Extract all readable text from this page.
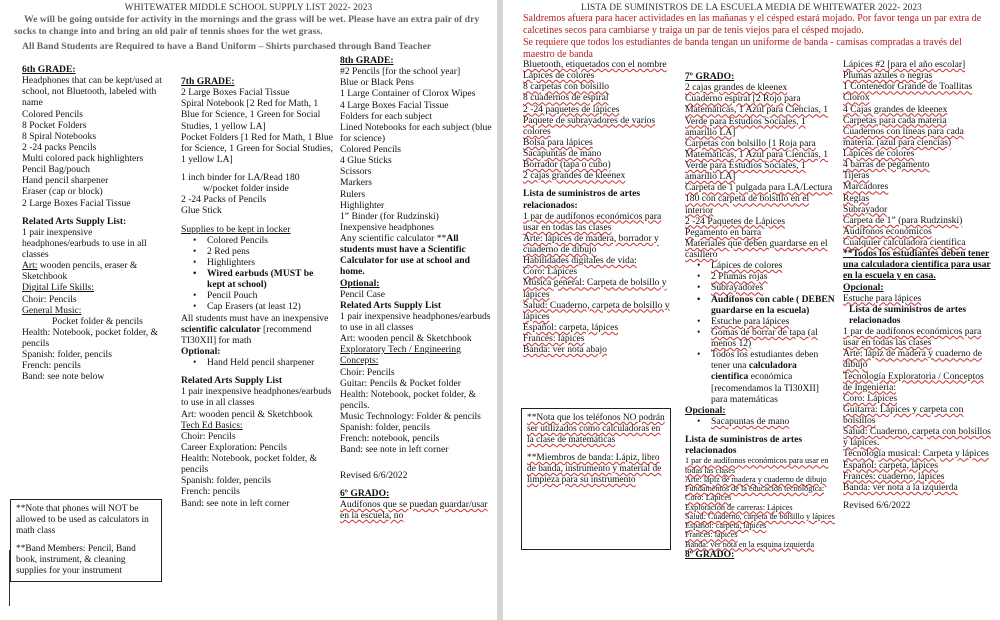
WHITEWATER MIDDLE SCHOOL SUPPLY LIST 2022- 2023
We will be going outside for activity in the mornings and the grass will be wet. Please have an extra pair of dry socks to change into and bring an old pair of tennis shoes for the wet grass.
All Band Students are Required to have a Band Uniform – Shirts purchased through Band Teacher

6th GRADE:

Headphones that can be kept/used at school, not Bluetooth, labeled with name

Colored Pencils

8 Pocket Folders

8 Spiral Notebooks

2 -24 packs Pencils

Multi colored pack highlighters

Pencil Bag/pouch

Hand pencil sharpener

Eraser (cap or block)

2 Large Boxes Facial Tissue

Related Arts Supply List:

1 pair inexpensive headphones/earbuds to use in all classes

Art: wooden pencils, eraser & Sketchbook

Digital Life Skills:

Choir: Pencils

General Music:

Pocket folder & pencils

Health: Notebook, pocket folder, & pencils

Spanish: folder, pencils

French: pencils

Band: see note below

**Note that phones will NOT be allowed to be used as calculators in math class

**Band Members: Pencil, Band book, instrument, & cleaning supplies for your instrument

7th GRADE:

2 Large Boxes Facial Tissue

Spiral Notebook [2 Red for Math, 1 Blue for Science, 1 Green for Social Studies, 1 yellow LA]

Pocket Folders [1 Red for Math, 1 Blue for Science, 1 Green for Social Studies, 1 yellow LA]

1 inch binder for LA/Read 180

w/pocket folder inside

2 -24 Packs of Pencils

Glue Stick

Supplies to be kept in locker

• Colored Pencils
• 2 Red pens
• Highlighters
• Wired earbuds (MUST be kept at school)
• Pencil Pouch
• Cap Erasers (at least 12)

All students must have an inexpensive scientific calculator [recommend TI30XII] for math

Optional:

• Hand Held pencil sharpener

Related Arts Supply List

1 pair inexpensive headphones/earbuds to use in all classes

Art: wooden pencil & Sketchbook

Tech Ed Basics:

Choir: Pencils

Career Exploration: Pencils

Health: Notebook, pocket folder, & pencils

Spanish: folder, pencils

French: pencils

Band: see note in left corner

8th GRADE:

#2 Pencils [for the school year]

Blue or Black Pens

1 Large Container of Clorox Wipes

4 Large Boxes Facial Tissue

Folders for each subject

Lined Notebooks for each subject (blue for science)

Colored Pencils

4 Glue Sticks

Scissors

Markers

Rulers

Highlighter

1” Binder (for Rudzinski)

Inexpensive headphones

Any scientific calculator **All students must have a Scientific Calculator for use at school and home.

Optional:

Pencil Case

Related Arts Supply List

1 pair inexpensive headphones/earbuds to use in all classes

Art: wooden pencil & Sketchbook

Exploratory Tech / Engineering Concepts:

Choir: Pencils

Guitar: Pencils & Pocket folder

Health: Notebook, pocket folder, & pencils.

Music Technology: Folder & pencils

Spanish: folder, pencils

French: notebook, pencils

Band: see note in left corner

Revised 6/6/2022

6º GRADO:

Audífonos que se puedan guardar/usar en la escuela, no

LISTA DE SUMINISTROS DE LA ESCUELA MEDIA DE WHITEWATER 2022- 2023
Saldremos afuera para hacer actividades en las mañanas y el césped estará mojado. Por favor tenga un par extra de calcetines secos para cambiarse y traiga un par de tenis viejos para el césped mojado.
Se requiere que todos los estudiantes de banda tengan un uniforme de banda - camisas compradas a través del maestro de banda

Bluetooth, etiquetados con el nombre

Lápices de colores

8 carpetas con bolsillo

8 cuadernos de espiral

2 -24 paquetes de lápices

Paquete de subrayadores de varios colores

Bolsa para lápices

Sacapuntas de mano

Borrador (tapa o cubo)

2 cajas grandes de kleenex

Lista de suministros de artes relacionados:

1 par de audífonos económicos para usar en todas las clases

Arte: lápices de madera, borrador y cuaderno de dibujo

Habilidades digitales de vida:

Coro: Lápices

Música general: Carpeta de bolsillo y lápices

Salud: Cuaderno, carpeta de bolsillo y lápices

Español: carpeta, lápices

Francés: lápices

Banda: ver nota abajo

**Nota que los teléfonos NO podrán ser utilizados como calculadoras en la clase de matemáticas

**Miembros de banda: Lápiz, libro de banda, instrumento y material de limpieza para su instrumento

7º GRADO:

2 cajas grandes de kleenex

Cuaderno espiral [2 Rojo para Matemáticas, 1 Azul para Ciencias, 1 Verde para Estudios Sociales, 1 amarillo LA]

Carpetas con bolsillo [1 Roja para Matemáticas, 1 Azul para Ciencias, 1 Verde para Estudios Sociales, 1 amarillo LA]

Carpeta de 1 pulgada para LA/Lectura 180 con carpeta de bolsillo en el interior

2 -24 Paquetes de Lápices

Pegamento en barra

Materiales que deben guardarse en el casillero

• Lápices de colores
• 2 Plumas rojas
• Subrayadores
• Audífonos con cable ( DEBEN guardarse en la escuela)
• Estuche para lápices
• Gomas de borrar de tapa (al menos 12)
• Todos los estudiantes deben tener una calculadora científica económica [recomendamos la TI30XII] para matemáticas

Opcional:

• Sacapuntas de mano

Lista de suministros de artes relacionados

1 par de audífonos económicos para usar en todas las clases

Arte: lápiz de madera y cuaderno de dibujo

Fundamentos de la educación tecnológica:

Coro: Lápices

Exploración de carreras: Lápices

Salud: Cuaderno, carpeta de bolsillo y lápices

Español: carpeta, lápices

Francés: lápices

Banda: ver nota en la esquina izquierda

8º GRADO:

Lápices #2 [para el año escolar]

Plumas azules o negras

1 Contenedor Grande de Toallitas Clorox

4 Cajas grandes de kleenex

Carpetas para cada materia

Cuadernos con líneas para cada materia. (azul para ciencias)

Lápices de colores

4 barras de pegamento

Tijeras

Marcadores

Reglas

Subrayador

Carpeta de 1” (para Rudzinski)

Audífonos económicos

Cualquier calculadora científica

**Todos los estudiantes deben tener una calculadora científica para usar en la escuela y en casa.

Opcional:

Estuche para lápices

Lista de suministros de artes relacionados

1 par de audífonos económicos para usar en todas las clases

Arte: lápiz de madera y cuaderno de dibujo

Tecnología Exploratoria / Conceptos de Ingeniería:

Coro: Lápices

Guitarra: Lápices y carpeta con bolsillos

Salud: Cuaderno, carpeta con bolsillos y lápices.

Tecnología musical: Carpeta y lápices

Español: carpeta, lápices

Francés: cuaderno, lápices

Banda: ver nota a la izquierda

Revised 6/6/2022
